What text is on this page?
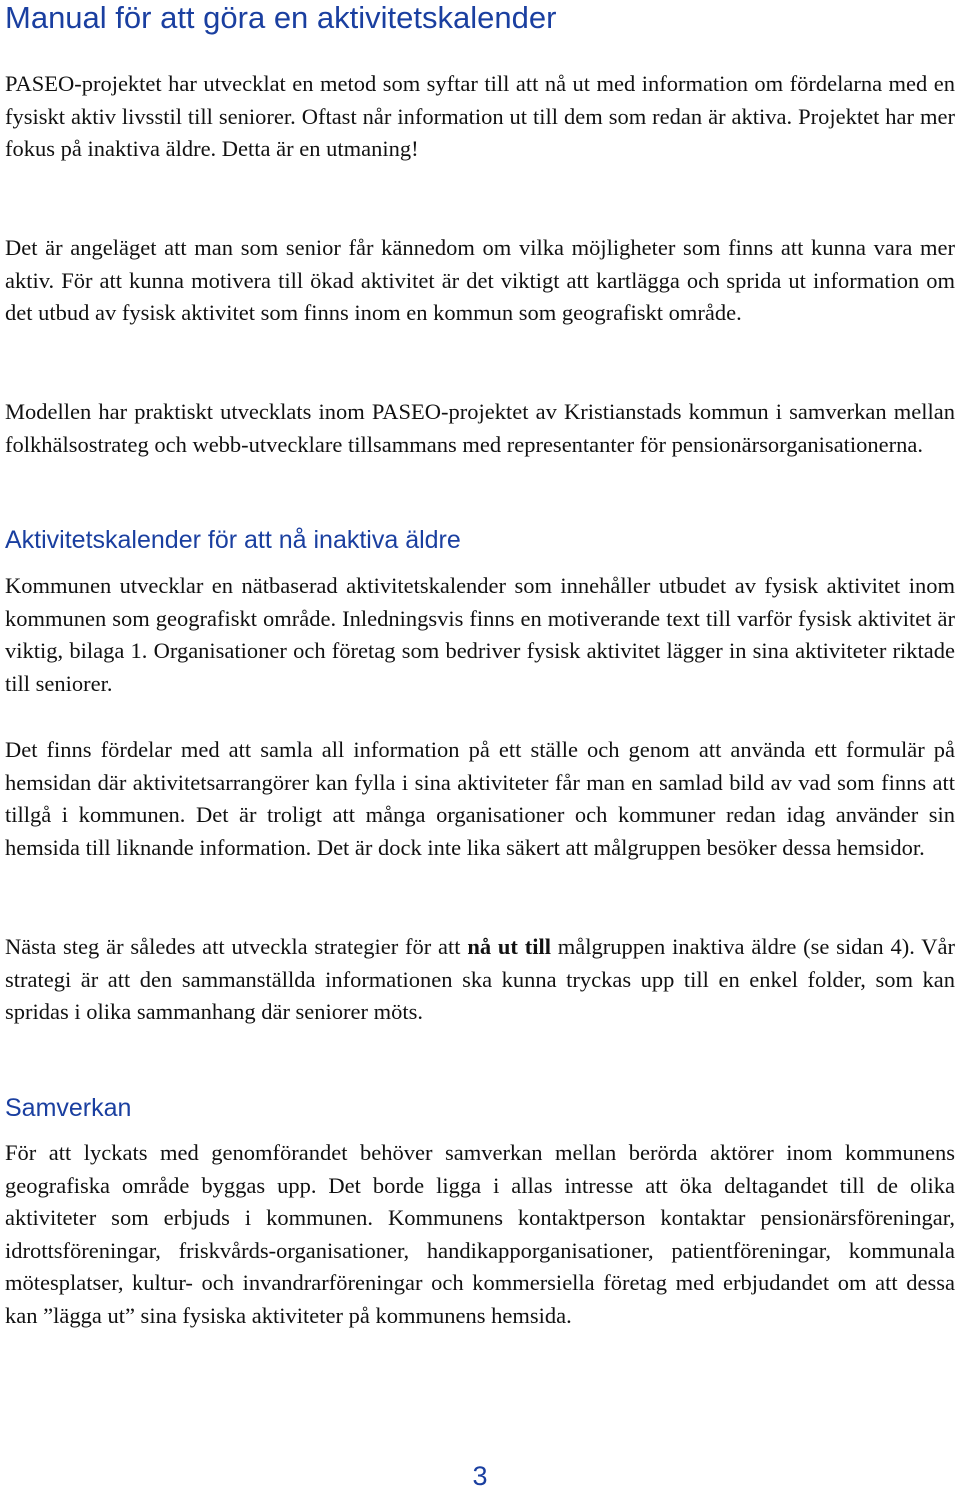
Manual för att göra en aktivitetskalender

PASEO-projektet har utvecklat en metod som syftar till att nå ut med information om fördelarna med en fysiskt aktiv livsstil till seniorer. Oftast når information ut till dem som redan är aktiva. Projektet har mer fokus på inaktiva äldre. Detta är en utmaning!

Det är angeläget att man som senior får kännedom om vilka möjligheter som finns att kunna vara mer aktiv. För att kunna motivera till ökad aktivitet är det viktigt att kartlägga och sprida ut information om det utbud av fysisk aktivitet som finns inom en kommun som geografiskt område.

Modellen har praktiskt utvecklats inom PASEO-projektet av Kristianstads kommun i samverkan mellan folkhälsostrateg och webb-utvecklare tillsammans med representanter för pensionärsorganisationerna.

Aktivitetskalender för att nå inaktiva äldre

Kommunen utvecklar en nätbaserad aktivitetskalender som innehåller utbudet av fysisk aktivitet inom kommunen som geografiskt område. Inledningsvis finns en motiverande text till varför fysisk aktivitet är viktig, bilaga 1. Organisationer och företag som bedriver fysisk aktivitet lägger in sina aktiviteter riktade till seniorer.

Det finns fördelar med att samla all information på ett ställe och genom att använda ett formulär på hemsidan där aktivitetsarrangörer kan fylla i sina aktiviteter får man en samlad bild av vad som finns att tillgå i kommunen. Det är troligt att många organisationer och kommuner redan idag använder sin hemsida till liknande information. Det är dock inte lika säkert att målgruppen besöker dessa hemsidor.

Nästa steg är således att utveckla strategier för att nå ut till målgruppen inaktiva äldre (se sidan 4). Vår strategi är att den sammanställda informationen ska kunna tryckas upp till en enkel folder, som kan spridas i olika sammanhang där seniorer möts.

Samverkan

För att lyckats med genomförandet behöver samverkan mellan berörda aktörer inom kommunens geografiska område byggas upp. Det borde ligga i allas intresse att öka deltagandet till de olika aktiviteter som erbjuds i kommunen. Kommunens kontaktperson kontaktar pensionärsföreningar, idrottsföreningar, friskvårds-organisationer, handikapporganisationer, patientföreningar, kommunala mötesplatser, kultur- och invandrarföreningar och kommersiella företag med erbjudandet om att dessa kan ”lägga ut” sina fysiska aktiviteter på kommunens hemsida.

3
